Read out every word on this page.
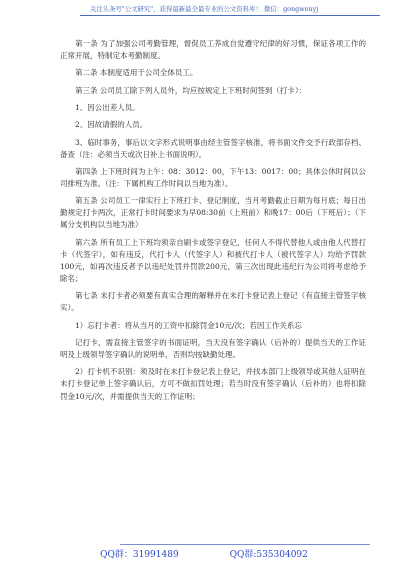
关注头条号"公文研究"，获得最新最全最专业的公文资料库！ 微信：gongwenyj

第一条 为了加强公司考勤管理，督促员工养成自觉遵守纪律的好习惯，保证各项工作的正常开展，特制定本考勤制度。

第二条 本制度适用于公司全体员工。

第三条 公司员工除下列人员外，均应按规定上下班时间签到（打卡）：

1、因公出差人员。

2、因故请假的人员。

3、临时事务，事后以文字形式说明事由经主管签字核准，将书面文件交予行政部存档、备查（注：必须当天或次日补上书面说明）。

第四条 上下班时间为上午：08：3012：00，下午13：0017：00；具体公休时间以公司排班为准。（注：下属机构工作时间以当地为准）。

第五条 公司员工一律实行上下班打卡、登记制度，当月考勤截止日期为每月底；每日出勤规定打卡两次，正常打卡时间要求为早08:30前（上班前）和晚17：00后（下班后）；（下属分支机构以当地为准）

第六条 所有员工上下班均须亲自刷卡或签字登记，任何人不得代替他人或由他人代替打卡（代签字），如有违反，代打卡人（代签字人）和被代打卡人（被代签字人）均给予罚款100元，如再次违反者予以违纪处罚并罚款200元，第三次出现此违纪行为公司将考虑给予除名；

第七条 未打卡者必须要有真实合理的解释并在未打卡登记表上登记（有直接主管签字核实）。

1）忘打卡者：将从当月的工资中扣除罚金10元/次；若因工作关系忘

记打卡，需直接主管签字的书面证明，当天没有签字确认（后补的）提供当天的工作证明及上级领导签字确认的说明单，否则均按缺勤处理。

2）打卡机不识别：须及时在未打卡登记表上登记，并找本部门上级领导或其他人证明在未打卡登记单上签字确认后，方可不做扣罚处理；若当时没有签字确认（后补的）也将扣除罚金10元/次，并需提供当天的工作证明；

QQ群：31991489	QQ群:535304092
